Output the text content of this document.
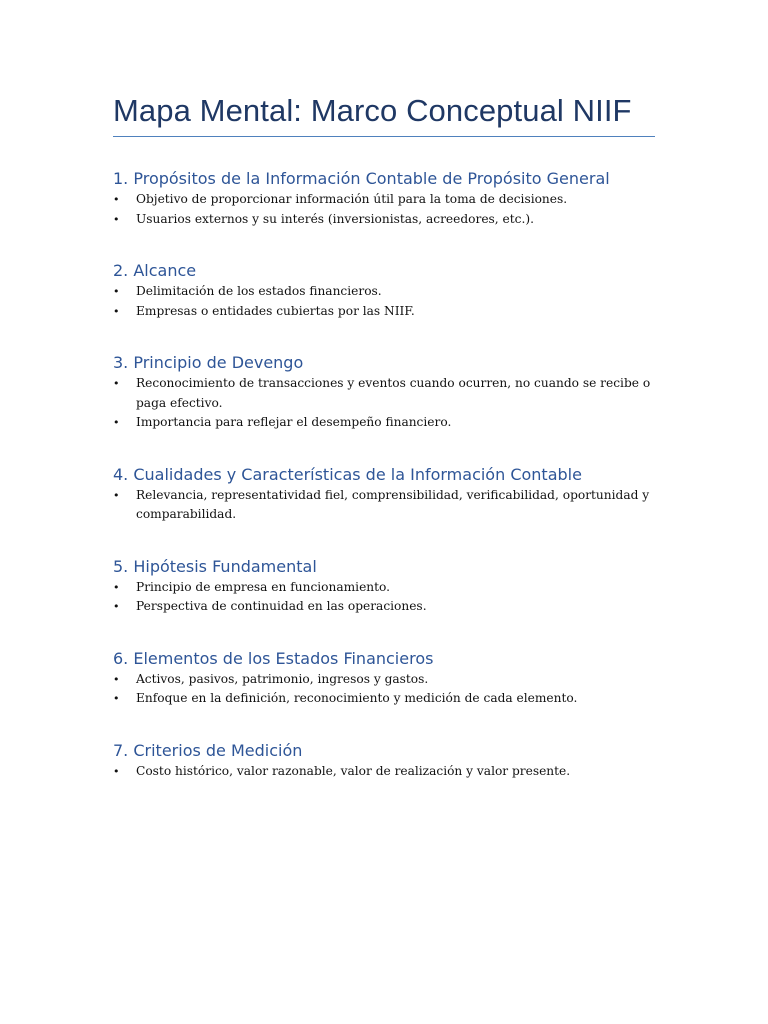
Mapa Mental: Marco Conceptual NIIF
1. Propósitos de la Información Contable de Propósito General
• Objetivo de proporcionar información útil para la toma de decisiones.
• Usuarios externos y su interés (inversionistas, acreedores, etc.).
2. Alcance
• Delimitación de los estados financieros.
• Empresas o entidades cubiertas por las NIIF.
3. Principio de Devengo
• Reconocimiento de transacciones y eventos cuando ocurren, no cuando se recibe o paga efectivo.
• Importancia para reflejar el desempeño financiero.
4. Cualidades y Características de la Información Contable
• Relevancia, representatividad fiel, comprensibilidad, verificabilidad, oportunidad y comparabilidad.
5. Hipótesis Fundamental
• Principio de empresa en funcionamiento.
• Perspectiva de continuidad en las operaciones.
6. Elementos de los Estados Financieros
• Activos, pasivos, patrimonio, ingresos y gastos.
• Enfoque en la definición, reconocimiento y medición de cada elemento.
7. Criterios de Medición
• Costo histórico, valor razonable, valor de realización y valor presente.
